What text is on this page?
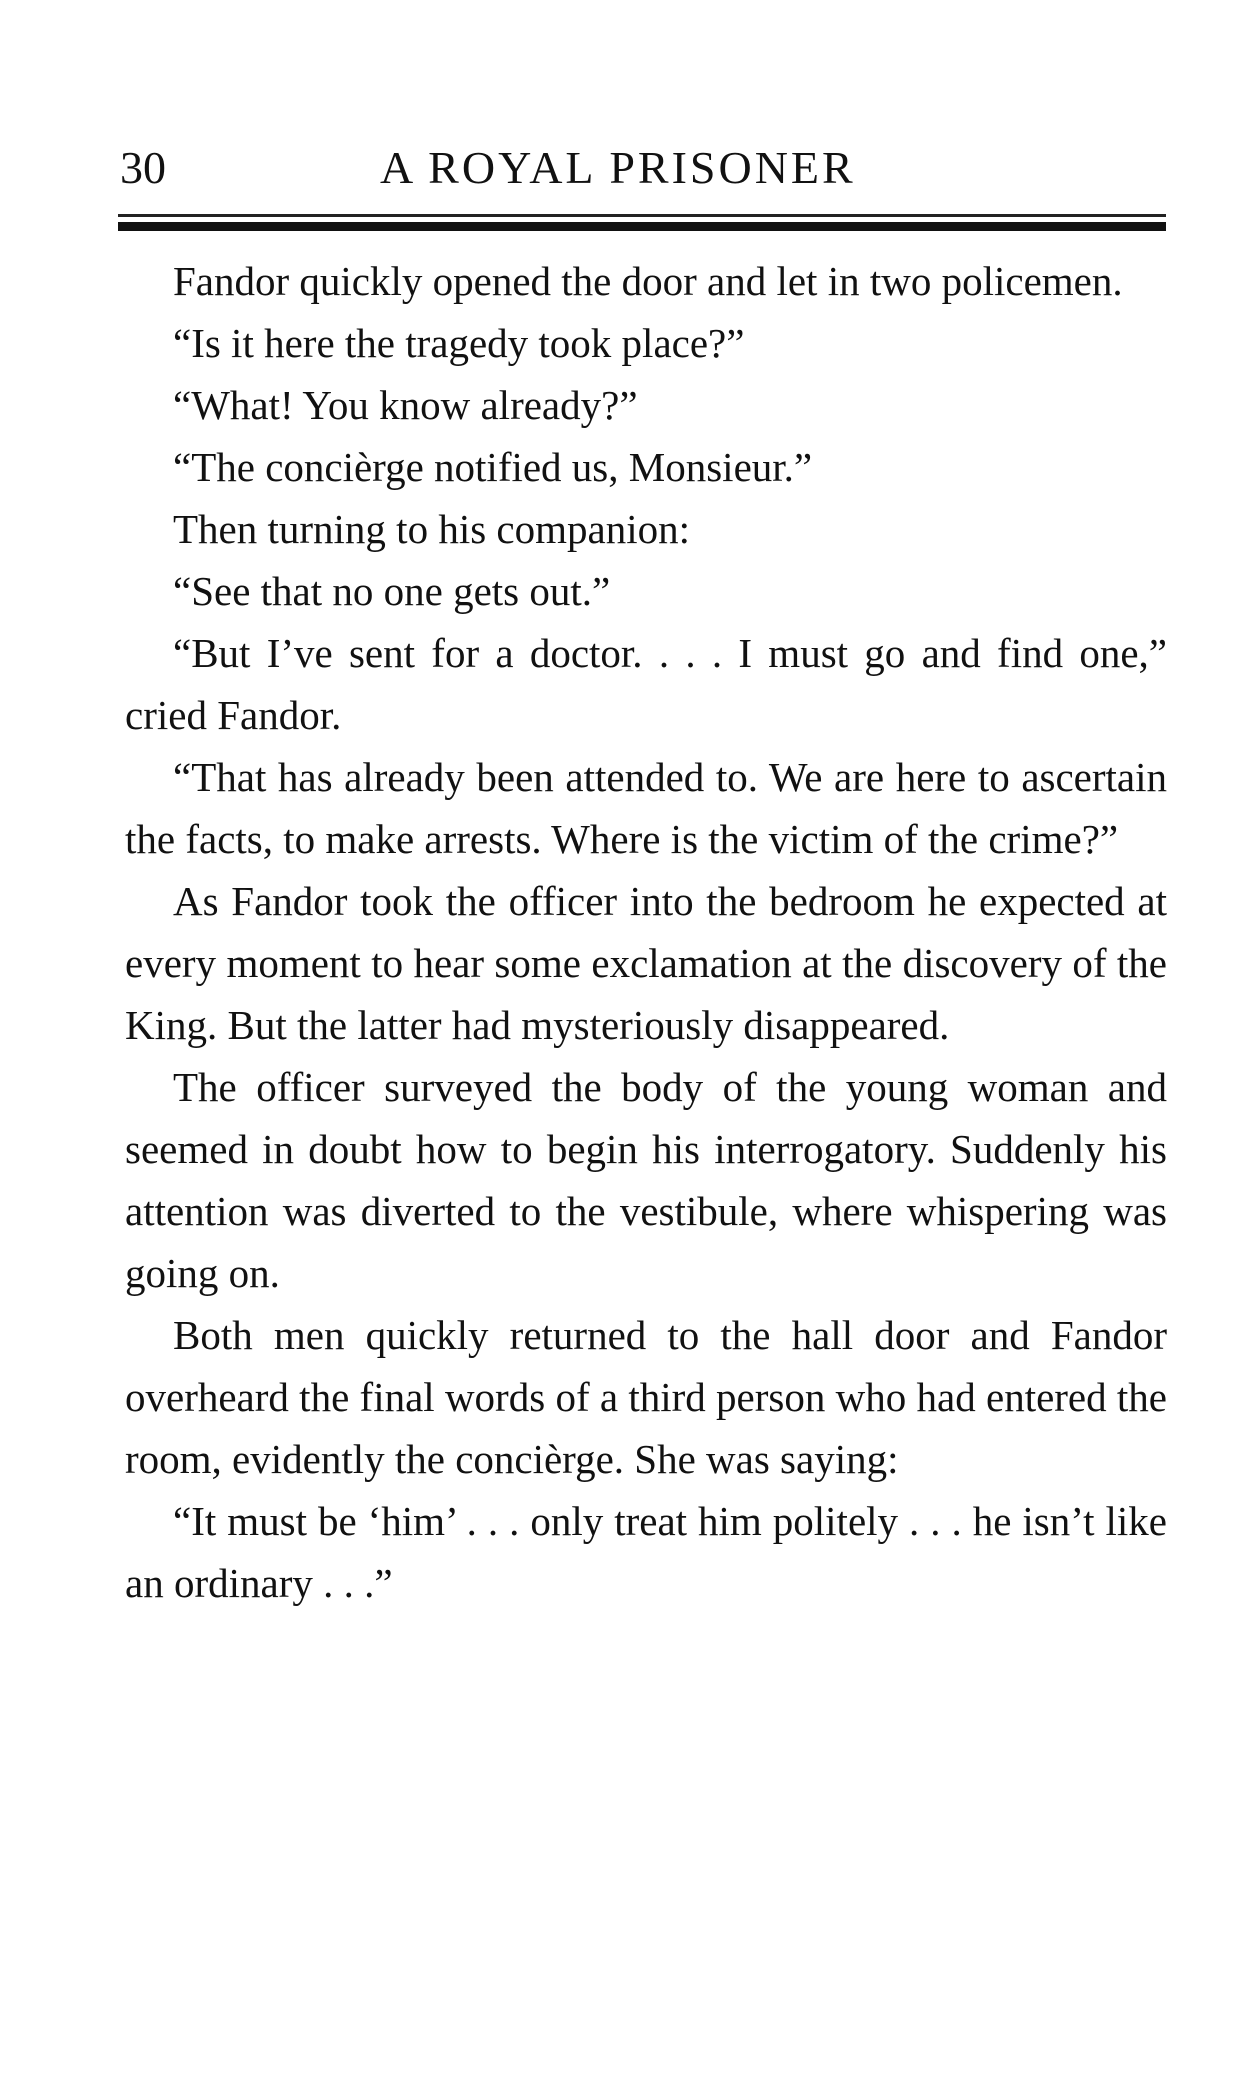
30	A ROYAL PRISONER

Fandor quickly opened the door and let in two policemen.

“Is it here the tragedy took place?”

“What! You know already?”

“The concièrge notified us, Monsieur.”

Then turning to his companion:

“See that no one gets out.”

“But I’ve sent for a doctor. . . . I must go and find one,” cried Fandor.

“That has already been attended to. We are here to ascertain the facts, to make arrests. Where is the victim of the crime?”

As Fandor took the officer into the bedroom he expected at every moment to hear some exclamation at the discovery of the King. But the latter had mysteriously disappeared.

The officer surveyed the body of the young woman and seemed in doubt how to begin his interrogatory. Suddenly his attention was diverted to the vestibule, where whispering was going on.

Both men quickly returned to the hall door and Fandor overheard the final words of a third person who had entered the room, evidently the concièrge. She was saying:

“It must be ‘him’ . . . only treat him politely . . . he isn’t like an ordinary . . .”
